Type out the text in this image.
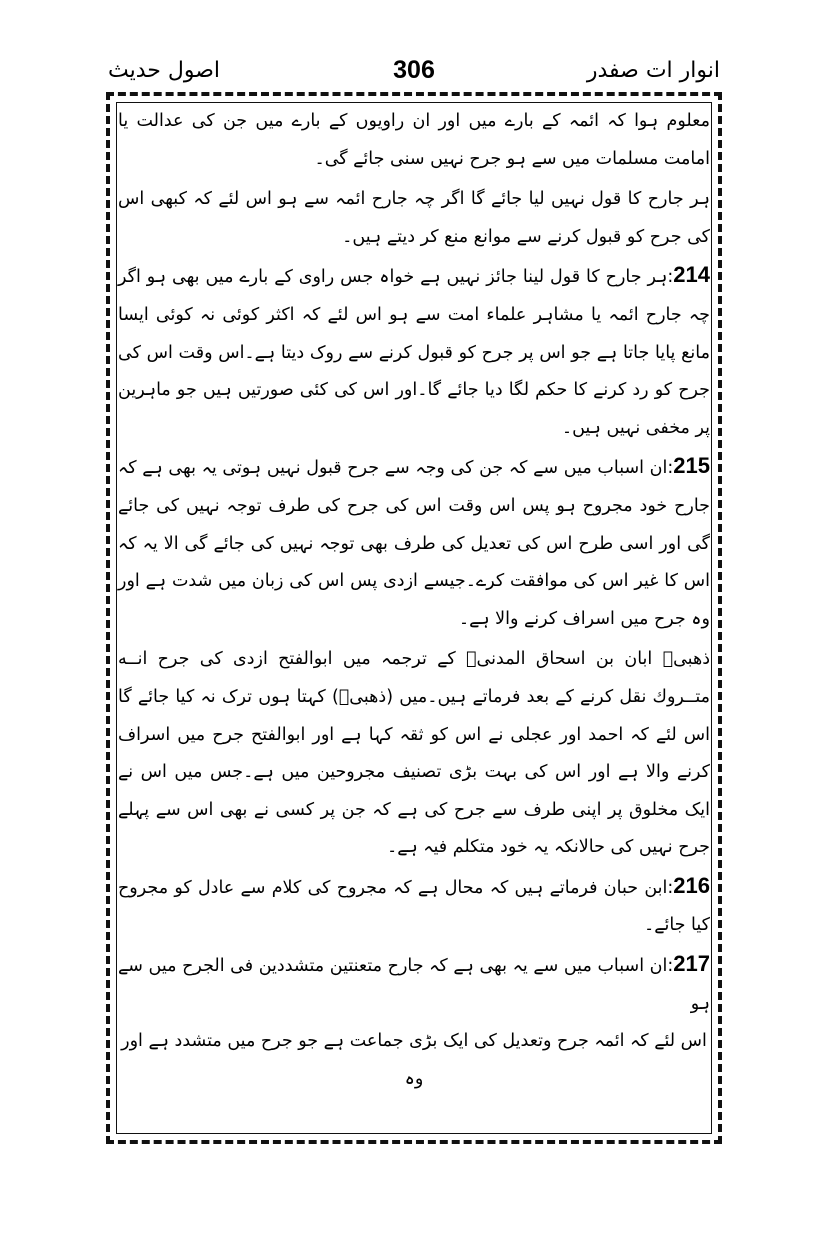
انوار ات صفدر
306
اصول حدیث

معلوم ہوا کہ ائمہ کے بارے میں اور ان راویوں کے بارے میں جن کی عدالت یا امامت مسلمات میں سے ہو جرح نہیں سنی جائے گی۔

ہر جارح کا قول نہیں لیا جائے گا اگر چہ جارح ائمہ سے ہو اس لئے کہ کبھی اس کی جرح کو قبول کرنے سے موانع منع کر دیتے ہیں۔

214:ہر جارح کا قول لینا جائز نہیں ہے خواہ جس راوی کے بارے میں بھی ہو اگر چہ جارح ائمہ یا مشاہر علماء امت سے ہو اس لئے کہ اکثر کوئی نہ کوئی ایسا مانع پایا جاتا ہے جو اس پر جرح کو قبول کرنے سے روک دیتا ہے۔اس وقت اس کی جرح کو رد کرنے کا حکم لگا دیا جائے گا۔اور اس کی کئی صورتیں ہیں جو ماہرین پر مخفی نہیں ہیں۔

215:ان اسباب میں سے کہ جن کی وجہ سے جرح قبول نہیں ہوتی یہ بھی ہے کہ جارح خود مجروح ہو پس اس وقت اس کی جرح کی طرف توجہ نہیں کی جائے گی اور اسی طرح اس کی تعدیل کی طرف بھی توجہ نہیں کی جائے گی الا یہ کہ اس کا غیر اس کی موافقت کرے۔جیسے ازدی پس اس کی زبان میں شدت ہے اور وہ جرح میں اسراف کرنے والا ہے۔

ذھبیؒ ابان بن اسحاق المدنیؒ کے ترجمہ میں ابوالفتح ازدی کی جرح انــه متــروك نقل کرنے کے بعد فرماتے ہیں۔میں (ذھبیؒ) کہتا ہوں ترک نہ کیا جائے گا اس لئے کہ احمد اور عجلی نے اس کو ثقہ کہا ہے اور ابوالفتح جرح میں اسراف کرنے والا ہے اور اس کی بہت بڑی تصنیف مجروحین میں ہے۔جس میں اس نے ایک مخلوق پر اپنی طرف سے جرح کی ہے کہ جن پر کسی نے بھی اس سے پہلے جرح نہیں کی حالانکہ یہ خود متکلم فیہ ہے۔

216:ابن حبان فرماتے ہیں کہ محال ہے کہ مجروح کی کلام سے عادل کو مجروح کیا جائے۔

217:ان اسباب میں سے یہ بھی ہے کہ جارح متعنتین متشددین فی الجرح میں سے ہو

اس لئے کہ ائمہ جرح وتعدیل کی ایک بڑی جماعت ہے جو جرح میں متشدد ہے اور وہ
